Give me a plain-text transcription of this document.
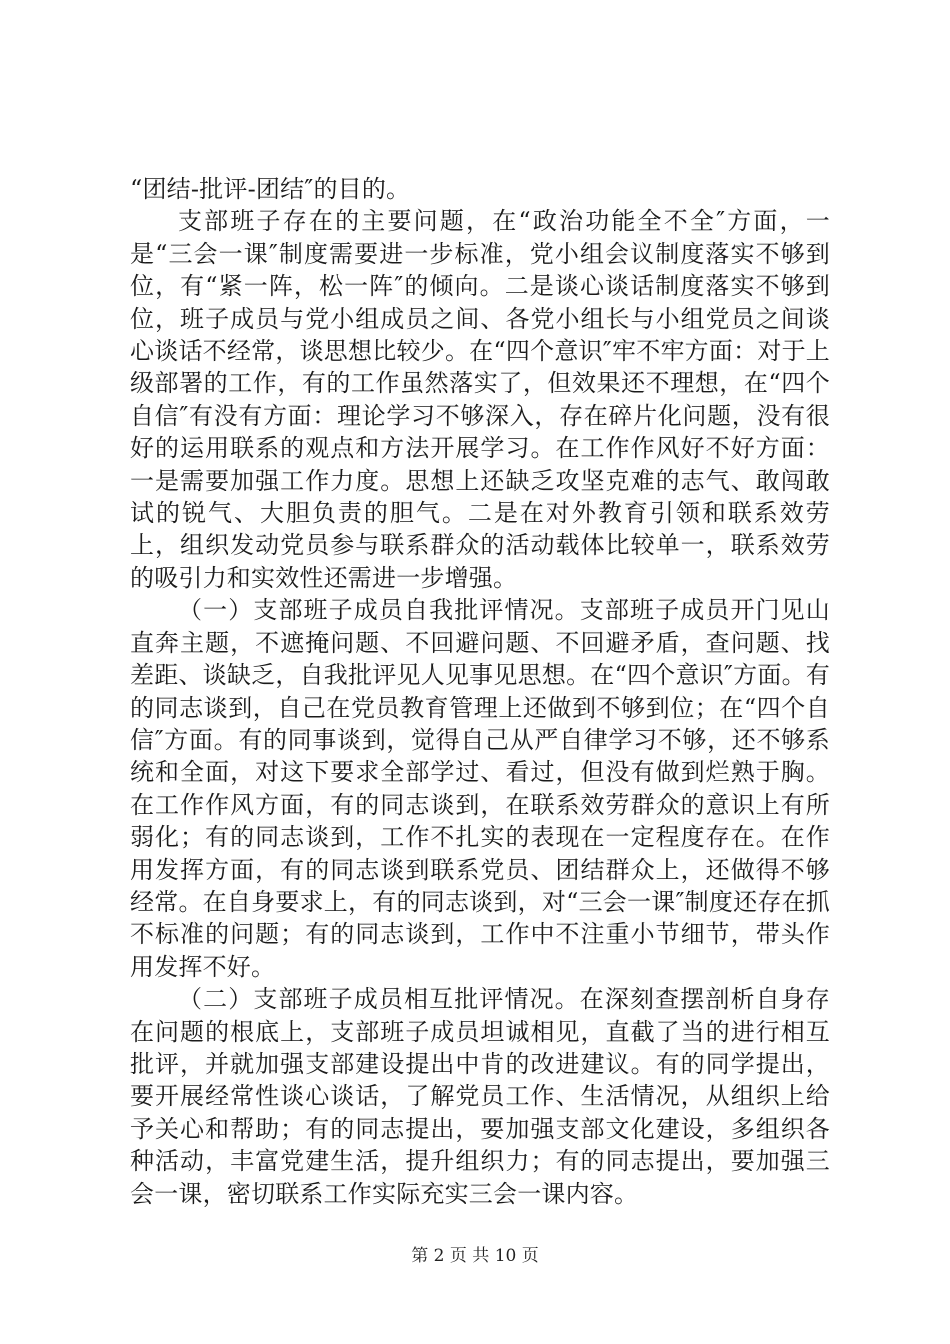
“团结-批评-团结″的目的。

支部班子存在的主要问题，在“政治功能全不全″方面，一是“三会一课″制度需要进一步标准，党小组会议制度落实不够到位，有“紧一阵，松一阵″的倾向。二是谈心谈话制度落实不够到位，班子成员与党小组成员之间、各党小组长与小组党员之间谈心谈话不经常，谈思想比较少。在“四个意识″牢不牢方面：对于上级部署的工作，有的工作虽然落实了，但效果还不理想，在“四个自信″有没有方面：理论学习不够深入，存在碎片化问题，没有很好的运用联系的观点和方法开展学习。在工作作风好不好方面：一是需要加强工作力度。思想上还缺乏攻坚克难的志气、敢闯敢试的锐气、大胆负责的胆气。二是在对外教育引领和联系效劳上，组织发动党员参与联系群众的活动载体比较单一，联系效劳的吸引力和实效性还需进一步增强。

（一）支部班子成员自我批评情况。支部班子成员开门见山直奔主题，不遮掩问题、不回避问题、不回避矛盾，查问题、找差距、谈缺乏，自我批评见人见事见思想。在“四个意识″方面。有的同志谈到，自己在党员教育管理上还做到不够到位；在“四个自信″方面。有的同事谈到，觉得自己从严自律学习不够，还不够系统和全面，对这下要求全部学过、看过，但没有做到烂熟于胸。在工作作风方面，有的同志谈到，在联系效劳群众的意识上有所弱化；有的同志谈到，工作不扎实的表现在一定程度存在。在作用发挥方面，有的同志谈到联系党员、团结群众上，还做得不够经常。在自身要求上，有的同志谈到，对“三会一课″制度还存在抓不标准的问题；有的同志谈到，工作中不注重小节细节，带头作用发挥不好。

（二）支部班子成员相互批评情况。在深刻查摆剖析自身存在问题的根底上，支部班子成员坦诚相见，直截了当的进行相互批评，并就加强支部建设提出中肯的改进建议。有的同学提出，要开展经常性谈心谈话，了解党员工作、生活情况，从组织上给予关心和帮助；有的同志提出，要加强支部文化建设，多组织各种活动，丰富党建生活，提升组织力；有的同志提出，要加强三会一课，密切联系工作实际充实三会一课内容。

第 2 页 共 10 页
